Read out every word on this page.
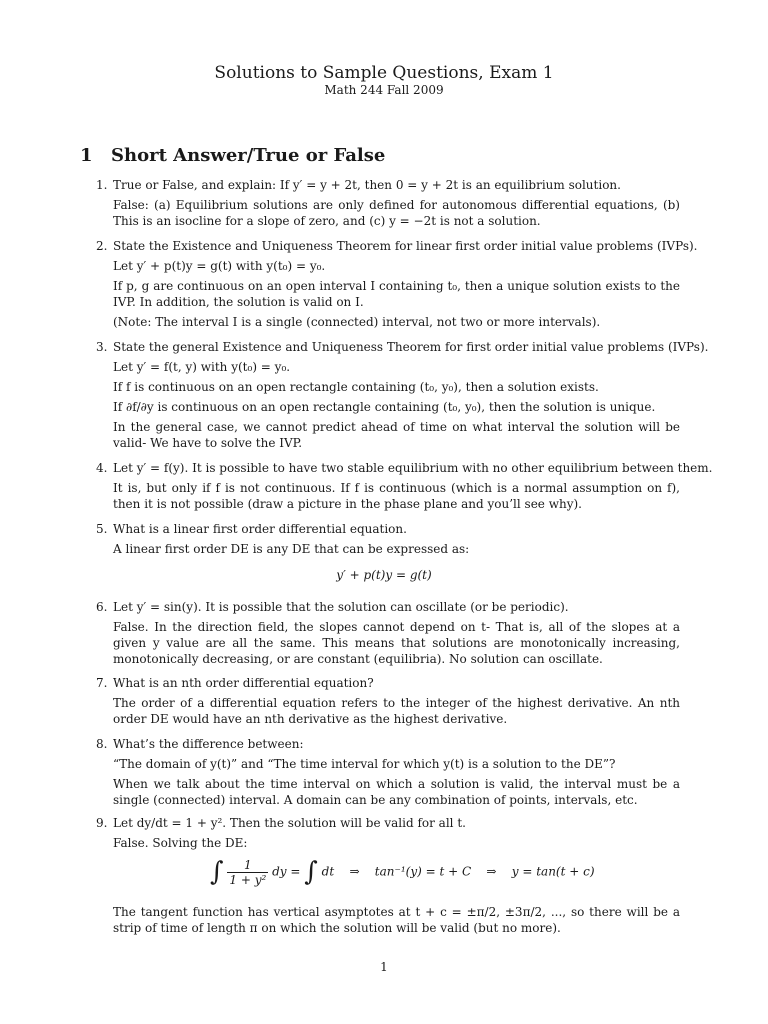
Solutions to Sample Questions, Exam 1
Math 244 Fall 2009
1 Short Answer/True or False
1. True or False, and explain: If y′ = y + 2t, then 0 = y + 2t is an equilibrium solution.
False: (a) Equilibrium solutions are only defined for autonomous differential equations, (b) This is an isocline for a slope of zero, and (c) y = −2t is not a solution.
2. State the Existence and Uniqueness Theorem for linear first order initial value problems (IVPs).
Let y′ + p(t)y = g(t) with y(t₀) = y₀.
If p, g are continuous on an open interval I containing t₀, then a unique solution exists to the IVP. In addition, the solution is valid on I.
(Note: The interval I is a single (connected) interval, not two or more intervals).
3. State the general Existence and Uniqueness Theorem for first order initial value problems (IVPs).
Let y′ = f(t, y) with y(t₀) = y₀.
If f is continuous on an open rectangle containing (t₀, y₀), then a solution exists.
If ∂f/∂y is continuous on an open rectangle containing (t₀, y₀), then the solution is unique.
In the general case, we cannot predict ahead of time on what interval the solution will be valid- We have to solve the IVP.
4. Let y′ = f(y). It is possible to have two stable equilibrium with no other equilibrium between them.
It is, but only if f is not continuous. If f is continuous (which is a normal assumption on f), then it is not possible (draw a picture in the phase plane and you’ll see why).
5. What is a linear first order differential equation.
A linear first order DE is any DE that can be expressed as:
y′ + p(t)y = g(t)
6. Let y′ = sin(y). It is possible that the solution can oscillate (or be periodic).
False. In the direction field, the slopes cannot depend on t- That is, all of the slopes at a given y value are all the same. This means that solutions are monotonically increasing, monotonically decreasing, or are constant (equilibria). No solution can oscillate.
7. What is an nth order differential equation?
The order of a differential equation refers to the integer of the highest derivative. An nth order DE would have an nth derivative as the highest derivative.
8. What’s the difference between:
“The domain of y(t)” and “The time interval for which y(t) is a solution to the DE”?
When we talk about the time interval on which a solution is valid, the interval must be a single (connected) interval. A domain can be any combination of points, intervals, etc.
9. Let dy/dt = 1 + y². Then the solution will be valid for all t.
False. Solving the DE:
∫ $\frac{1}{\text{1 + y²}}$ dy = ∫ dt ⇒ tan⁻¹(y) = t + C ⇒ y = tan(t + c)
The tangent function has vertical asymptotes at t + c = ±π/2, ±3π/2, ..., so there will be a strip of time of length π on which the solution will be valid (but no more).
1
